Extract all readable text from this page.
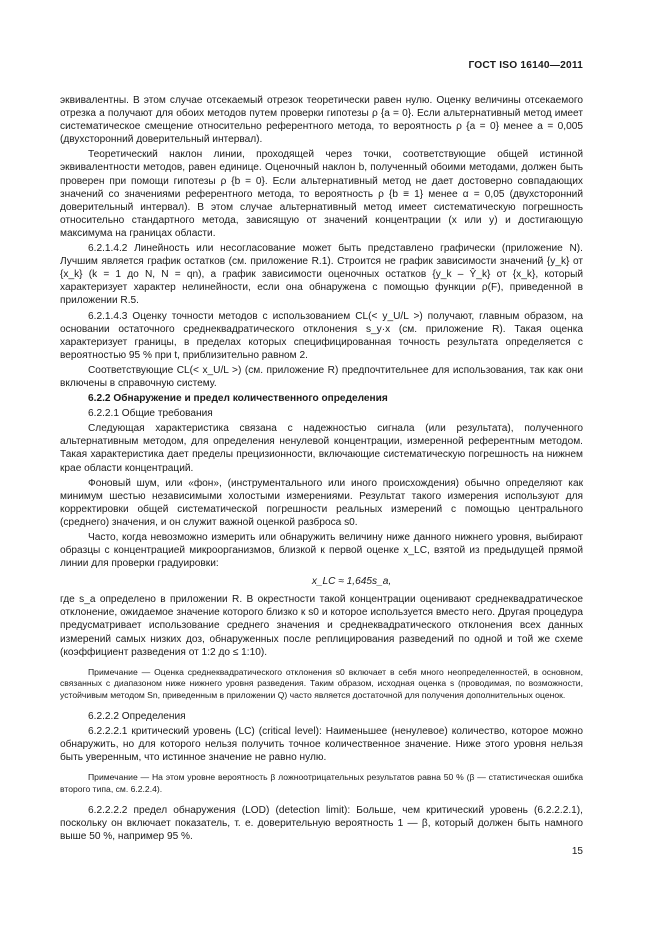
ГОСТ ISO 16140—2011

эквивалентны. В этом случае отсекаемый отрезок теоретически равен нулю. Оценку величины отсекаемого отрезка а получают для обоих методов путем проверки гипотезы ρ {a = 0}. Если альтернативный метод имеет систематическое смещение относительно референтного метода, то вероятность ρ {a = 0} менее a = 0,005 (двухсторонний доверительный интервал).

Теоретический наклон линии, проходящей через точки, соответствующие общей истинной эквивалентности методов, равен единице. Оценочный наклон b, полученный обоими методами, должен быть проверен при помощи гипотезы ρ {b = 0}. Если альтернативный метод не дает достоверно совпадающих значений со значениями референтного метода, то вероятность ρ {b ≡ 1} менее α = 0,05 (двухсторонний доверительный интервал). В этом случае альтернативный метод имеет систематическую погрешность относительно стандартного метода, зависящую от значений концентрации (x или y) и достигающую максимума на границах области.

6.2.1.4.2 Линейность или несогласование может быть представлено графически (приложение N). Лучшим является график остатков (см. приложение R.1). Строится не график зависимости значений {y_k} от {x_k} (k = 1 до N, N = qn), а график зависимости оценочных остатков {y_k – Ŷ_k} от {x_k}, который характеризует характер нелинейности, если она обнаружена с помощью функции ρ(F), приведенной в приложении R.5.

6.2.1.4.3 Оценку точности методов с использованием CL(< y_U/L >) получают, главным образом, на основании остаточного среднеквадратического отклонения s_y·x (см. приложение R). Такая оценка характеризует границы, в пределах которых специфицированная точность результата определяется с вероятностью 95 % при t, приблизительно равном 2.

Соответствующие CL(< x_U/L >) (см. приложение R) предпочтительнее для использования, так как они включены в справочную систему.

6.2.2 Обнаружение и предел количественного определения

6.2.2.1 Общие требования

Следующая характеристика связана с надежностью сигнала (или результата), полученного альтернативным методом, для определения ненулевой концентрации, измеренной референтным методом. Такая характеристика дает пределы прецизионности, включающие систематическую погрешность на нижнем крае области концентраций.

Фоновый шум, или «фон», (инструментального или иного происхождения) обычно определяют как минимум шестью независимыми холостыми измерениями. Результат такого измерения используют для корректировки общей систематической погрешности реальных измерений с помощью центрального (среднего) значения, и он служит важной оценкой разброса s0.

Часто, когда невозможно измерить или обнаружить величину ниже данного нижнего уровня, выбирают образцы с концентрацией микроорганизмов, близкой к первой оценке x_LC, взятой из предыдущей прямой линии для проверки градуировки:

x_LC ≈ 1,645s_a,

где s_a определено в приложении R. В окрестности такой концентрации оценивают среднеквадратическое отклонение, ожидаемое значение которого близко к s0 и которое используется вместо него. Другая процедура предусматривает использование среднего значения и среднеквадратического отклонения всех данных измерений самых низких доз, обнаруженных после реплицирования разведений по одной и той же схеме (коэффициент разведения от 1:2 до ≤ 1:10).

Примечание — Оценка среднеквадратического отклонения s0 включает в себя много неопределенностей, в основном, связанных с диапазоном ниже нижнего уровня разведения. Таким образом, исходная оценка s (проводимая, по возможности, устойчивым методом Sn, приведенным в приложении Q) часто является достаточной для получения дополнительных оценок.

6.2.2.2 Определения

6.2.2.2.1 критический уровень (LC) (critical level): Наименьшее (ненулевое) количество, которое можно обнаружить, но для которого нельзя получить точное количественное значение. Ниже этого уровня нельзя быть уверенным, что истинное значение не равно нулю.

Примечание — На этом уровне вероятность β ложноотрицательных результатов равна 50 % (β — статистическая ошибка второго типа, см. 6.2.2.4).

6.2.2.2.2 предел обнаружения (LOD) (detection limit): Больше, чем критический уровень (6.2.2.2.1), поскольку он включает показатель, т. е. доверительную вероятность 1 — β, который должен быть намного выше 50 %, например 95 %.

15
